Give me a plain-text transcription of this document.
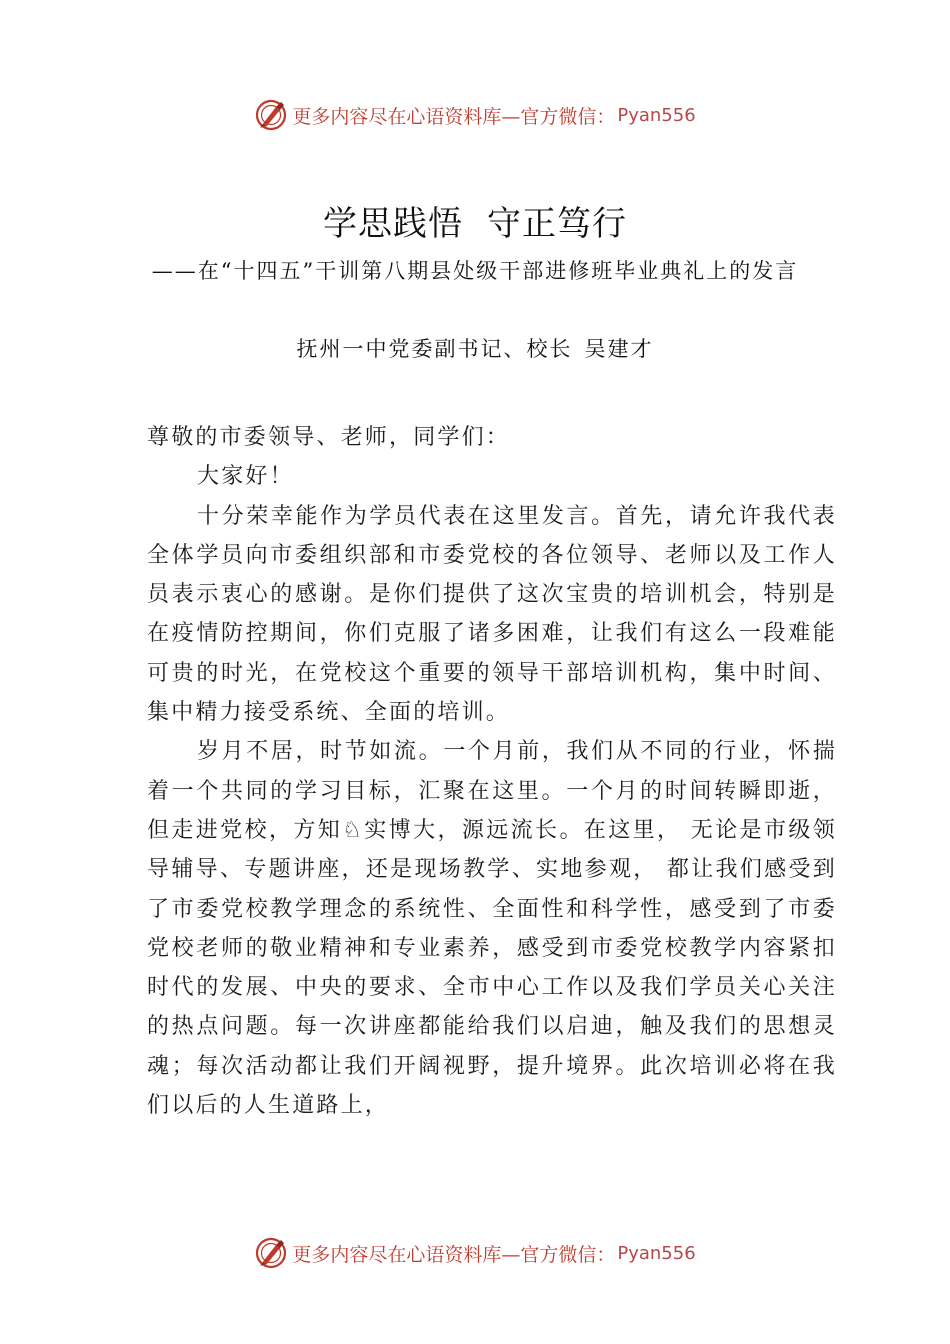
更多内容尽在心语资料库—官方微信： Pyan556
学思践悟 守正笃行
——在“十四五”干训第八期县处级干部进修班毕业典礼上的发言
抚州一中党委副书记、校长 吴建才

尊敬的市委领导、老师，同学们：

大家好！

十分荣幸能作为学员代表在这里发言。首先，请允许我代表全体学员向市委组织部和市委党校的各位领导、老师以及工作人员表示衷心的感谢。是你们提供了这次宝贵的培训机会，特别是在疫情防控期间，你们克服了诸多困难，让我们有这么一段难能可贵的时光，在党校这个重要的领导干部培训机构，集中时间、集中精力接受系统、全面的培训。

岁月不居，时节如流。一个月前，我们从不同的行业，怀揣着一个共同的学习目标，汇聚在这里。一个月的时间转瞬即逝，但走进党校，方知♘实博大，源远流长。在这里， 无论是市级领导辅导、专题讲座，还是现场教学、实地参观， 都让我们感受到了市委党校教学理念的系统性、全面性和科学性，感受到了市委党校老师的敬业精神和专业素养，感受到市委党校教学内容紧扣时代的发展、中央的要求、全市中心工作以及我们学员关心关注的热点问题。每一次讲座都能给我们以启迪，触及我们的思想灵魂；每次活动都让我们开阔视野，提升境界。此次培训必将在我们以后的人生道路上，

更多内容尽在心语资料库—官方微信： Pyan556
